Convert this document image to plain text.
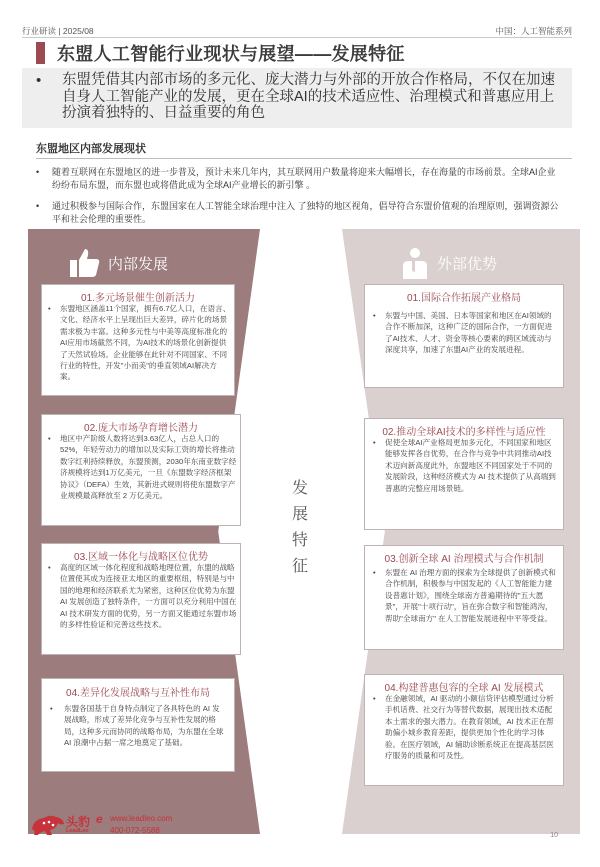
行业研读 | 2025/08	中国：人工智能系列
东盟人工智能行业现状与展望——发展特征
• 东盟凭借其内部市场的多元化、庞大潜力与外部的开放合作格局，不仅在加速自身人工智能产业的发展，更在全球AI的技术适应性、治理模式和普惠应用上扮演着独特的、日益重要的角色
东盟地区内部发展现状
• 随着互联网在东盟地区的进一步普及，预计未来几年内，其互联网用户数量将迎来大幅增长，存在海量的市场前景。全球AI企业纷纷布局东盟，而东盟也或将借此成为全球AI产业增长的新引擎 。
• 通过积极参与国际合作，东盟国家在人工智能全球治理中注入 了独特的地区视角，倡导符合东盟价值观的治理原则，强调资源公 平和社会伦理的重要性。
内部发展	外部优势
发
展
特
征
01.多元场景催生创新活力
• 东盟地区涵盖11个国家，拥有6.7亿人口，在语言、文化、经济水平上呈现出巨大差异，碎片化的场景需求极为丰富。这种多元性与中美等高度标准化的AI应用市场截然不同，为AI技术的场景化创新提供了天然试验场。企业能够在此针对不同国家、不同行业的特性，开发"小而美"的垂直领域AI解决方案。
02.庞大市场孕育增长潜力
• 地区中产阶级人数将达到3.63亿人，占总人口的52%，年轻劳动力的增加以及实际工资的增长将推动数字红利持续释放，东盟预测，2030年东南亚数字经济规模将达到1万亿美元，一旦《东盟数字经济框架协议》（DEFA）生效，其新进式规则将使东盟数字产业规模最高释放至 2 万亿美元。
03.区域一体化与战略区位优势
• 高度的区域一体化程度和战略地理位置，东盟的战略位置使其成为连接亚太地区的重要枢纽，特别是与中国的地理和经济联系尤为紧密，这种区位优势为东盟 AI 发展创造了独特条件，一方面可以充分利用中国在 AI 技术研发方面的优势，另一方面又能通过东盟市场的多样性验证和完善这些技术。
04.差异化发展战略与互补性布局
• 东盟各国基于自身特点制定了各具特色的 AI 发展战略，形成了差异化竞争与互补性发展的格局，这种多元而协同的战略布局，为东盟在全球 AI 浪潮中占据一席之地奠定了基础。
01.国际合作拓展产业格局
• 东盟与中国、美国、日本等国家和地区在AI领域的合作不断加深，这种广泛的国际合作，一方面促进了AI技术、人才、资金等核心要素的跨区域流动与深度共享，加速了东盟AI产业的发展进程。
02.推动全球AI技术的多样性与适应性
• 促使全球AI产业格局更加多元化，不同国家和地区能够发挥各自优势，在合作与竞争中共同推动AI技术迈向新高度此外，东盟地区不同国家处于不同的发展阶段，这种经济模式为 AI 技术提供了从高端到普惠的完整应用场景链。
03.创新全球 AI 治理模式与合作机制
• 东盟在 AI 治理方面的探索为全球提供了创新模式和合作机制，积极参与中国发起的《人工智能能力建设普惠计划》，围绕全球南方普遍期待的"五大愿景"，开展"十项行动"，旨在弥合数字和智能鸿沟，帮助"全球南方" 在人工智能发展进程中平等受益。
04.构建普惠包容的全球 AI 发展模式
• 在金融领域，AI 驱动的小额信贷评估模型通过分析手机话费、社交行为等替代数据，展现出技术适配本土需求的强大潜力。在教育领域，AI 技术正在帮助偏小城乡教育差距，提供更加个性化的学习体验。在医疗领域，AI 辅助诊断系统正在提高基层医疗服务的质量和可及性。
头豹
LeadLeo
e www.leadleo.com
400-072-5588
10
